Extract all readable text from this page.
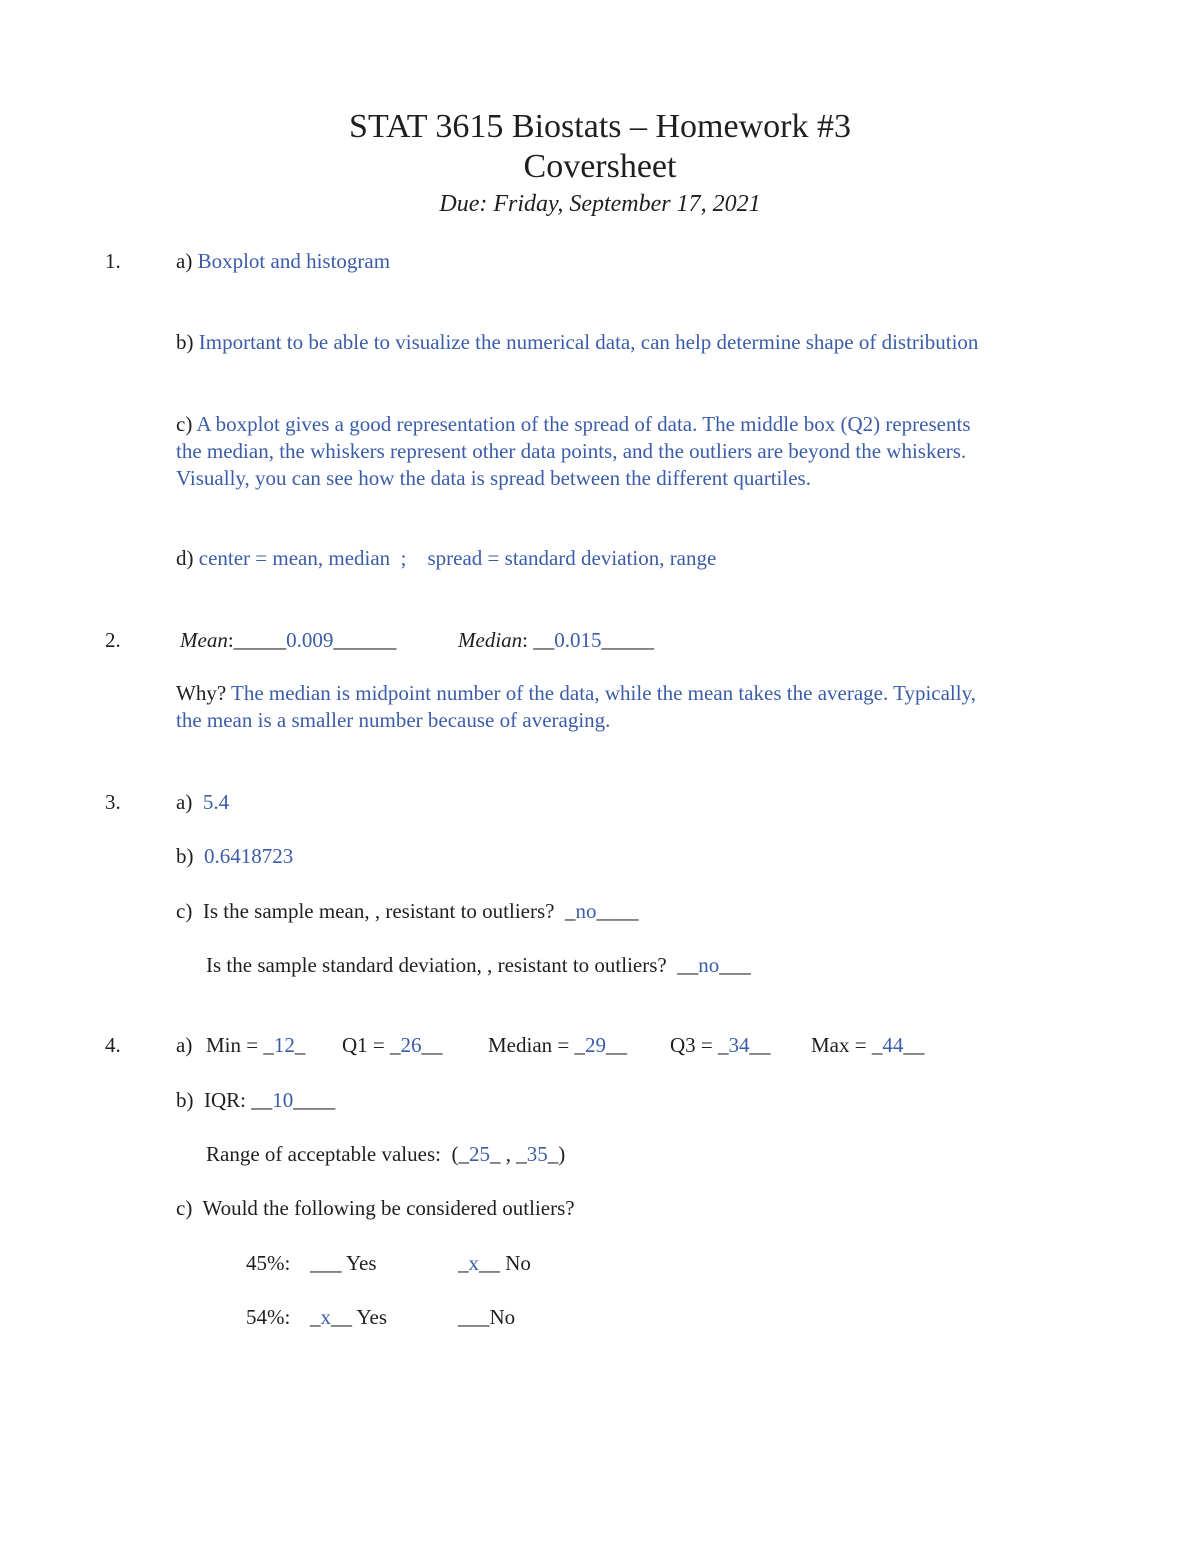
STAT 3615 Biostats – Homework #3
Coversheet
Due: Friday, September 17, 2021
1.	a) Boxplot and histogram
b) Important to be able to visualize the numerical data, can help determine shape of distribution
c) A boxplot gives a good representation of the spread of data. The middle box (Q2) represents
the median, the whiskers represent other data points, and the outliers are beyond the whiskers.
Visually, you can see how the data is spread between the different quartiles.
d) center = mean, median  ;    spread = standard deviation, range
2.	Mean:_____0.009______	Median: __0.015_____
Why? The median is midpoint number of the data, while the mean takes the average. Typically,
the mean is a smaller number because of averaging.
3.	a) 5.4
b) 0.6418723
c) Is the sample mean, , resistant to outliers? _no____
Is the sample standard deviation, , resistant to outliers? __no___
4.	a) Min = _12_ Q1 = _26__ Median = _29__ Q3 = _34__ Max = _44__
b) IQR: __10____
Range of acceptable values:  (_25_ , _35_)
c) Would the following be considered outliers?
45%: ___ Yes	_x__ No
54%: _x__ Yes	___No
